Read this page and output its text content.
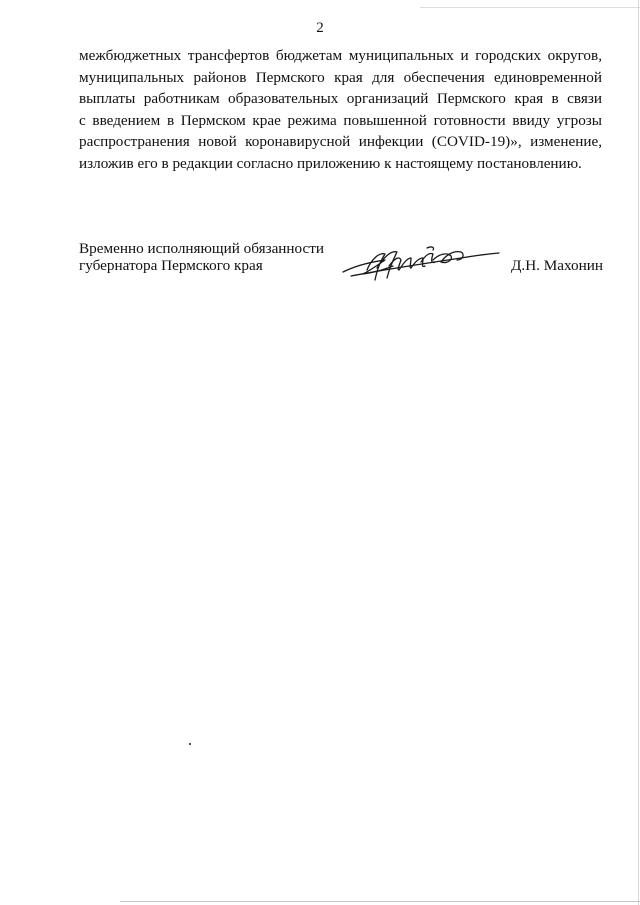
2

межбюджетных трансфертов бюджетам муниципальных и городских округов,
муниципальных районов Пермского края для обеспечения единовременной
выплаты работникам образовательных организаций Пермского края в связи
с введением в Пермском крае режима повышенной готовности ввиду угрозы
распространения новой коронавирусной инфекции (COVID-19)», изменение,
изложив его в редакции согласно приложению к настоящему постановлению.

Временно исполняющий обязанности
губернатора Пермского края	Д.Н. Махонин
